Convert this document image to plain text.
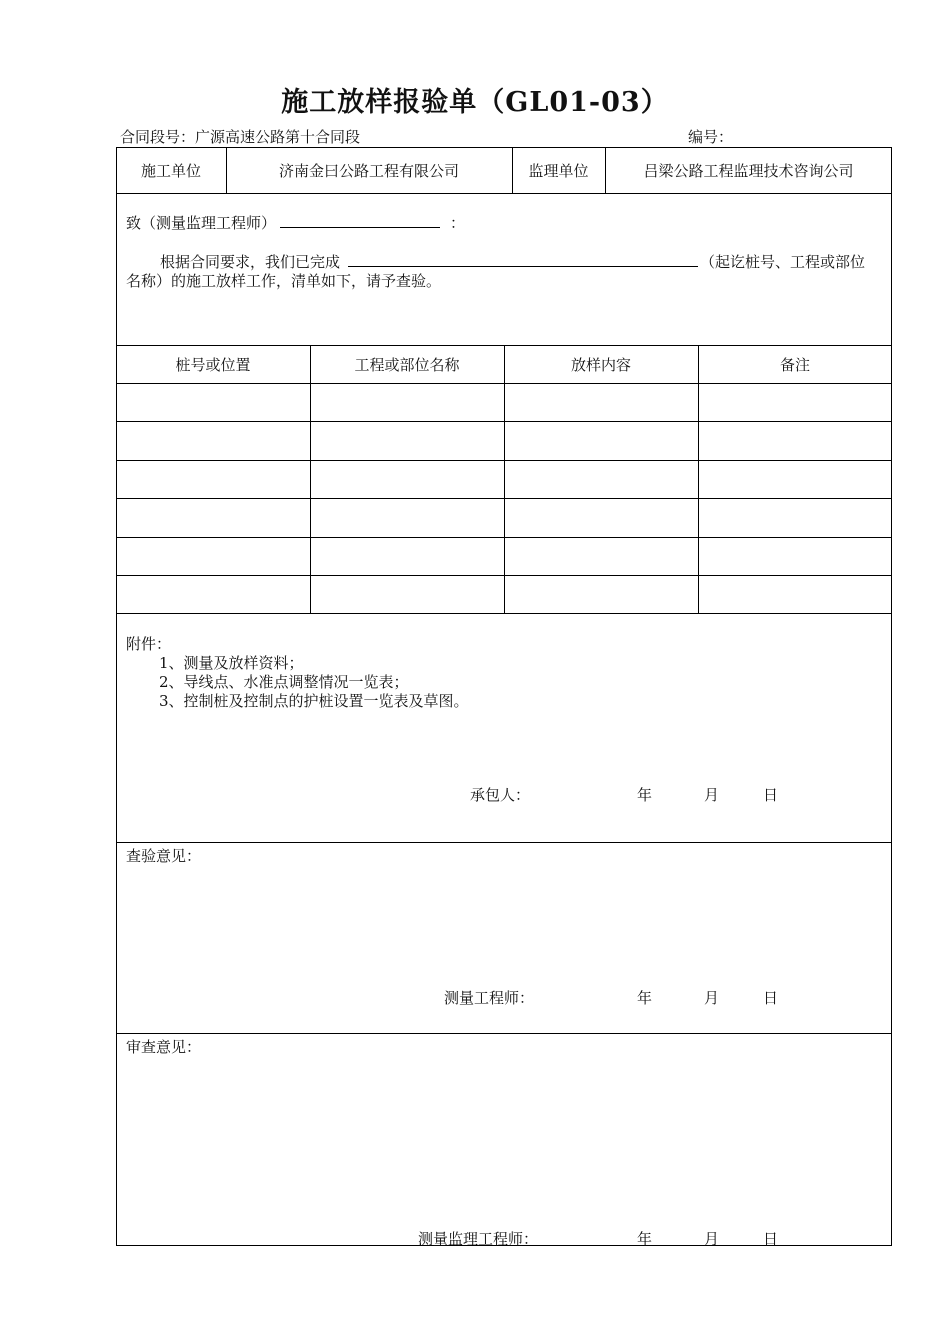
施工放样报验单（GL01-03）
合同段号：广源高速公路第十合同段	编号：
施工单位	济南金曰公路工程有限公司	监理单位	吕梁公路工程监理技术咨询公司
致（测量监理工程师）	：
根据合同要求，我们已完成	（起讫桩号、工程或部位
名称）的施工放样工作，清单如下，请予查验。
桩号或位置	工程或部位名称	放样内容	备注
附件：
1、测量及放样资料；
2、导线点、水准点调整情况一览表；
3、控制桩及控制点的护桩设置一览表及草图。
承包人：	年	月	日
查验意见：
测量工程师：	年	月	日
审查意见：
测量监理工程师：	年	月	日
